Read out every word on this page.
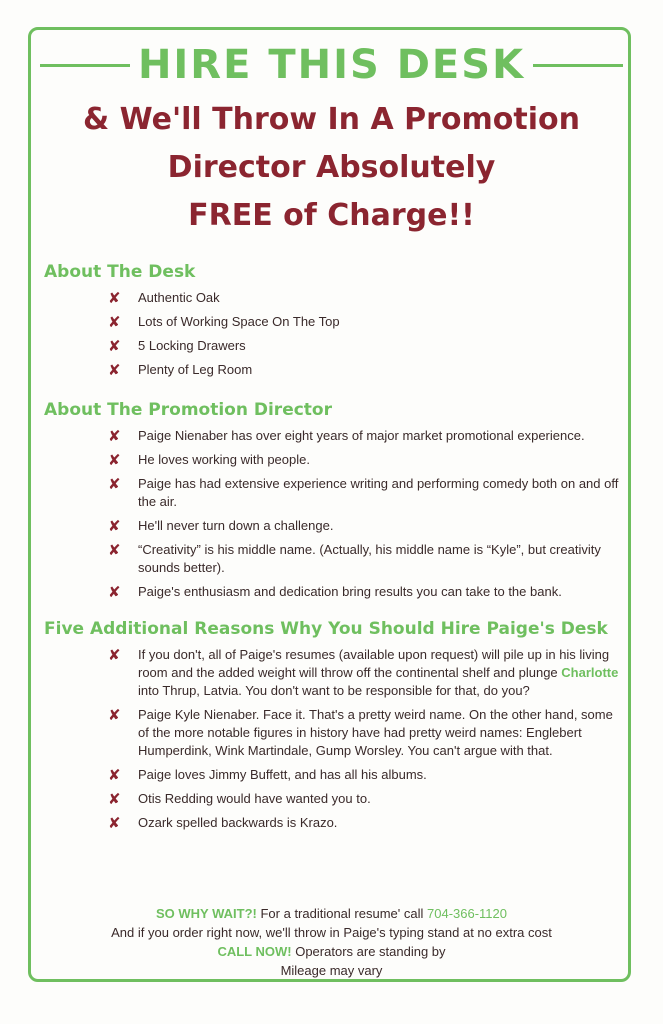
HIRE THIS DESK
& We'll Throw In A Promotion
Director Absolutely
FREE of Charge!!
About The Desk
✘ Authentic Oak
✘ Lots of Working Space On The Top
✘ 5 Locking Drawers
✘ Plenty of Leg Room
About The Promotion Director
✘ Paige Nienaber has over eight years of major market promotional experience.
✘ He loves working with people.
✘ Paige has had extensive experience writing and performing comedy both on and off the air.
✘ He'll never turn down a challenge.
✘ “Creativity” is his middle name. (Actually, his middle name is “Kyle”, but creativity sounds better).
✘ Paige's enthusiasm and dedication bring results you can take to the bank.
Five Additional Reasons Why You Should Hire Paige's Desk
✘ If you don't, all of Paige's resumes (available upon request) will pile up in his living room and the added weight will throw off the continental shelf and plunge Charlotte into Thrup, Latvia. You don't want to be responsible for that, do you?
✘ Paige Kyle Nienaber. Face it. That's a pretty weird name. On the other hand, some of the more notable figures in history have had pretty weird names: Englebert Humperdink, Wink Martindale, Gump Worsley. You can't argue with that.
✘ Paige loves Jimmy Buffett, and has all his albums.
✘ Otis Redding would have wanted you to.
✘ Ozark spelled backwards is Krazo.
SO WHY WAIT?! For a traditional resume' call 704-366-1120
And if you order right now, we'll throw in Paige's typing stand at no extra cost
CALL NOW! Operators are standing by
Mileage may vary
